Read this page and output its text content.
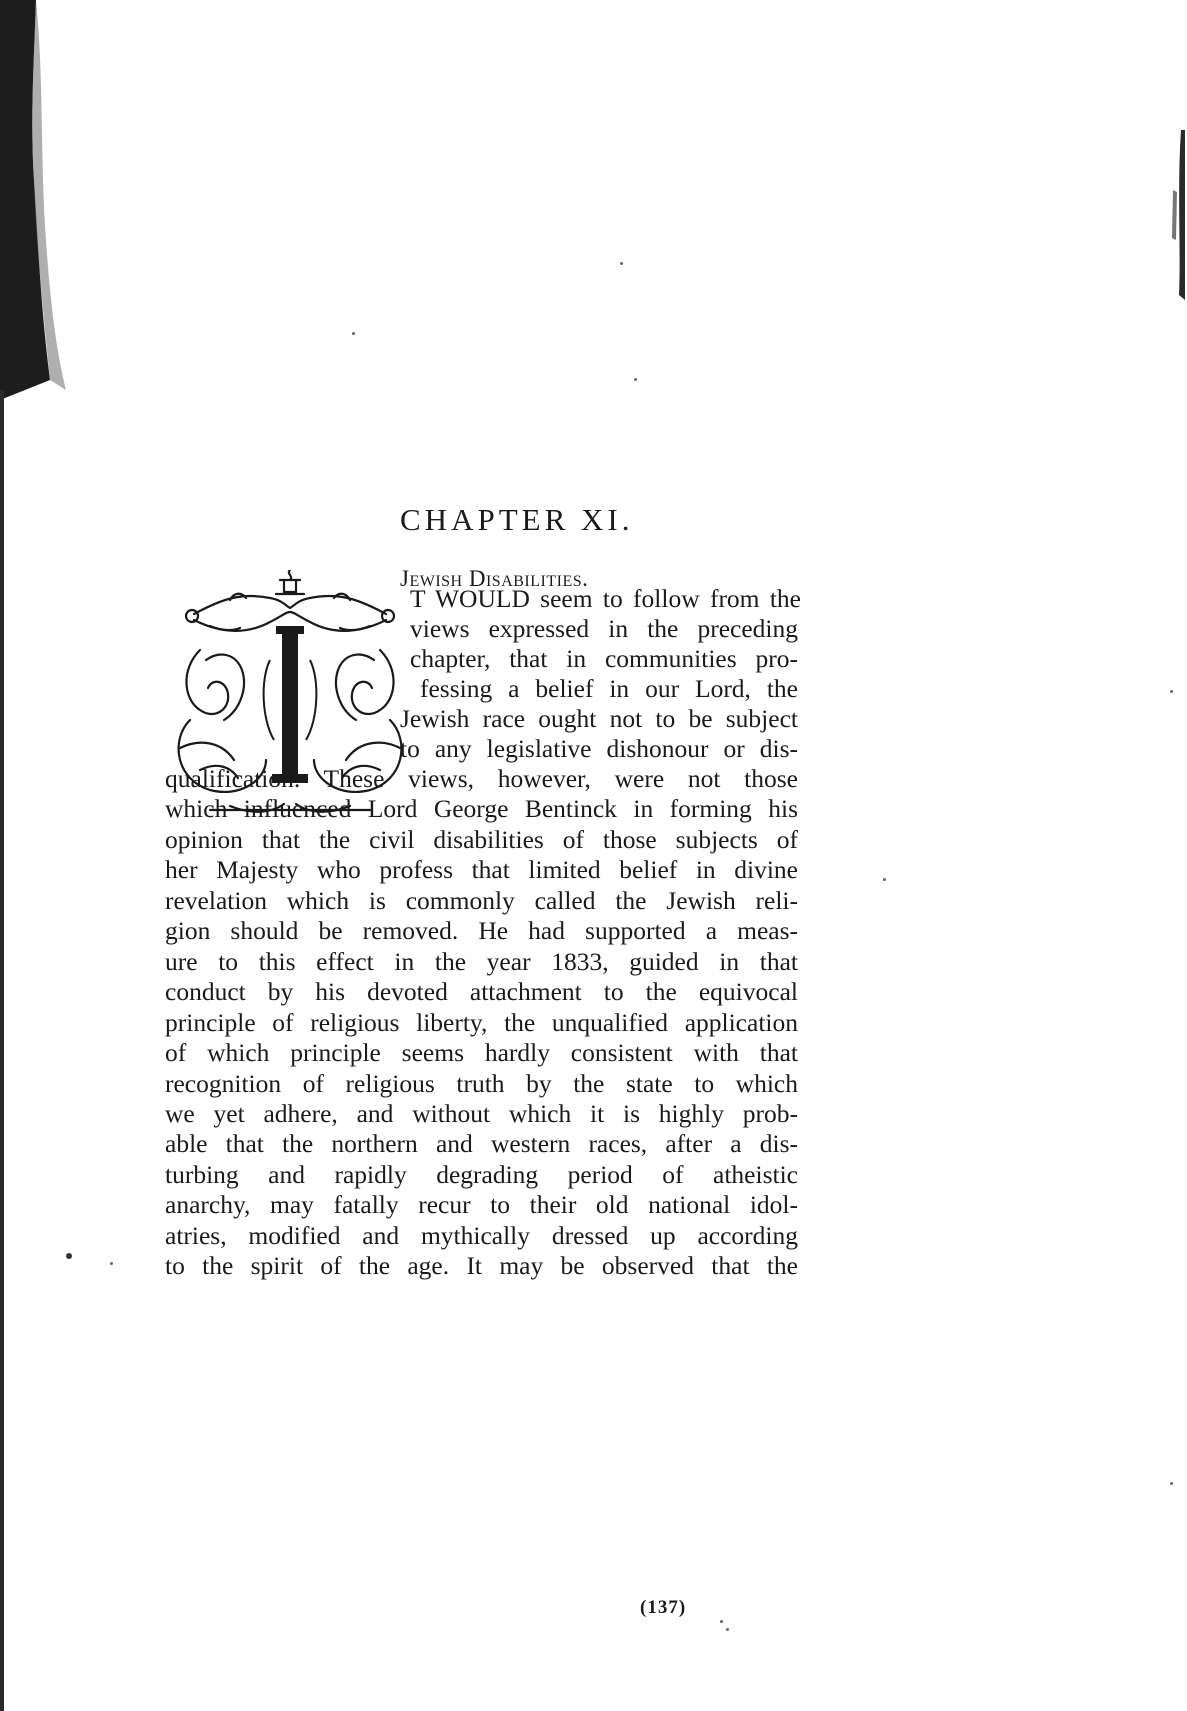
CHAPTER XI.
Jewish Disabilities.
T WOULD seem to follow from the
views expressed in the preceding
chapter, that in communities pro-
fessing a belief in our Lord, the
Jewish race ought not to be subject
to any legislative dishonour or dis-
qualification. These views, however, were not those
which influenced Lord George Bentinck in forming his
opinion that the civil disabilities of those subjects of
her Majesty who profess that limited belief in divine
revelation which is commonly called the Jewish reli-
gion should be removed. He had supported a meas-
ure to this effect in the year 1833, guided in that
conduct by his devoted attachment to the equivocal
principle of religious liberty, the unqualified application
of which principle seems hardly consistent with that
recognition of religious truth by the state to which
we yet adhere, and without which it is highly prob-
able that the northern and western races, after a dis-
turbing and rapidly degrading period of atheistic
anarchy, may fatally recur to their old national idol-
atries, modified and mythically dressed up according
to the spirit of the age. It may be observed that the

(137)
